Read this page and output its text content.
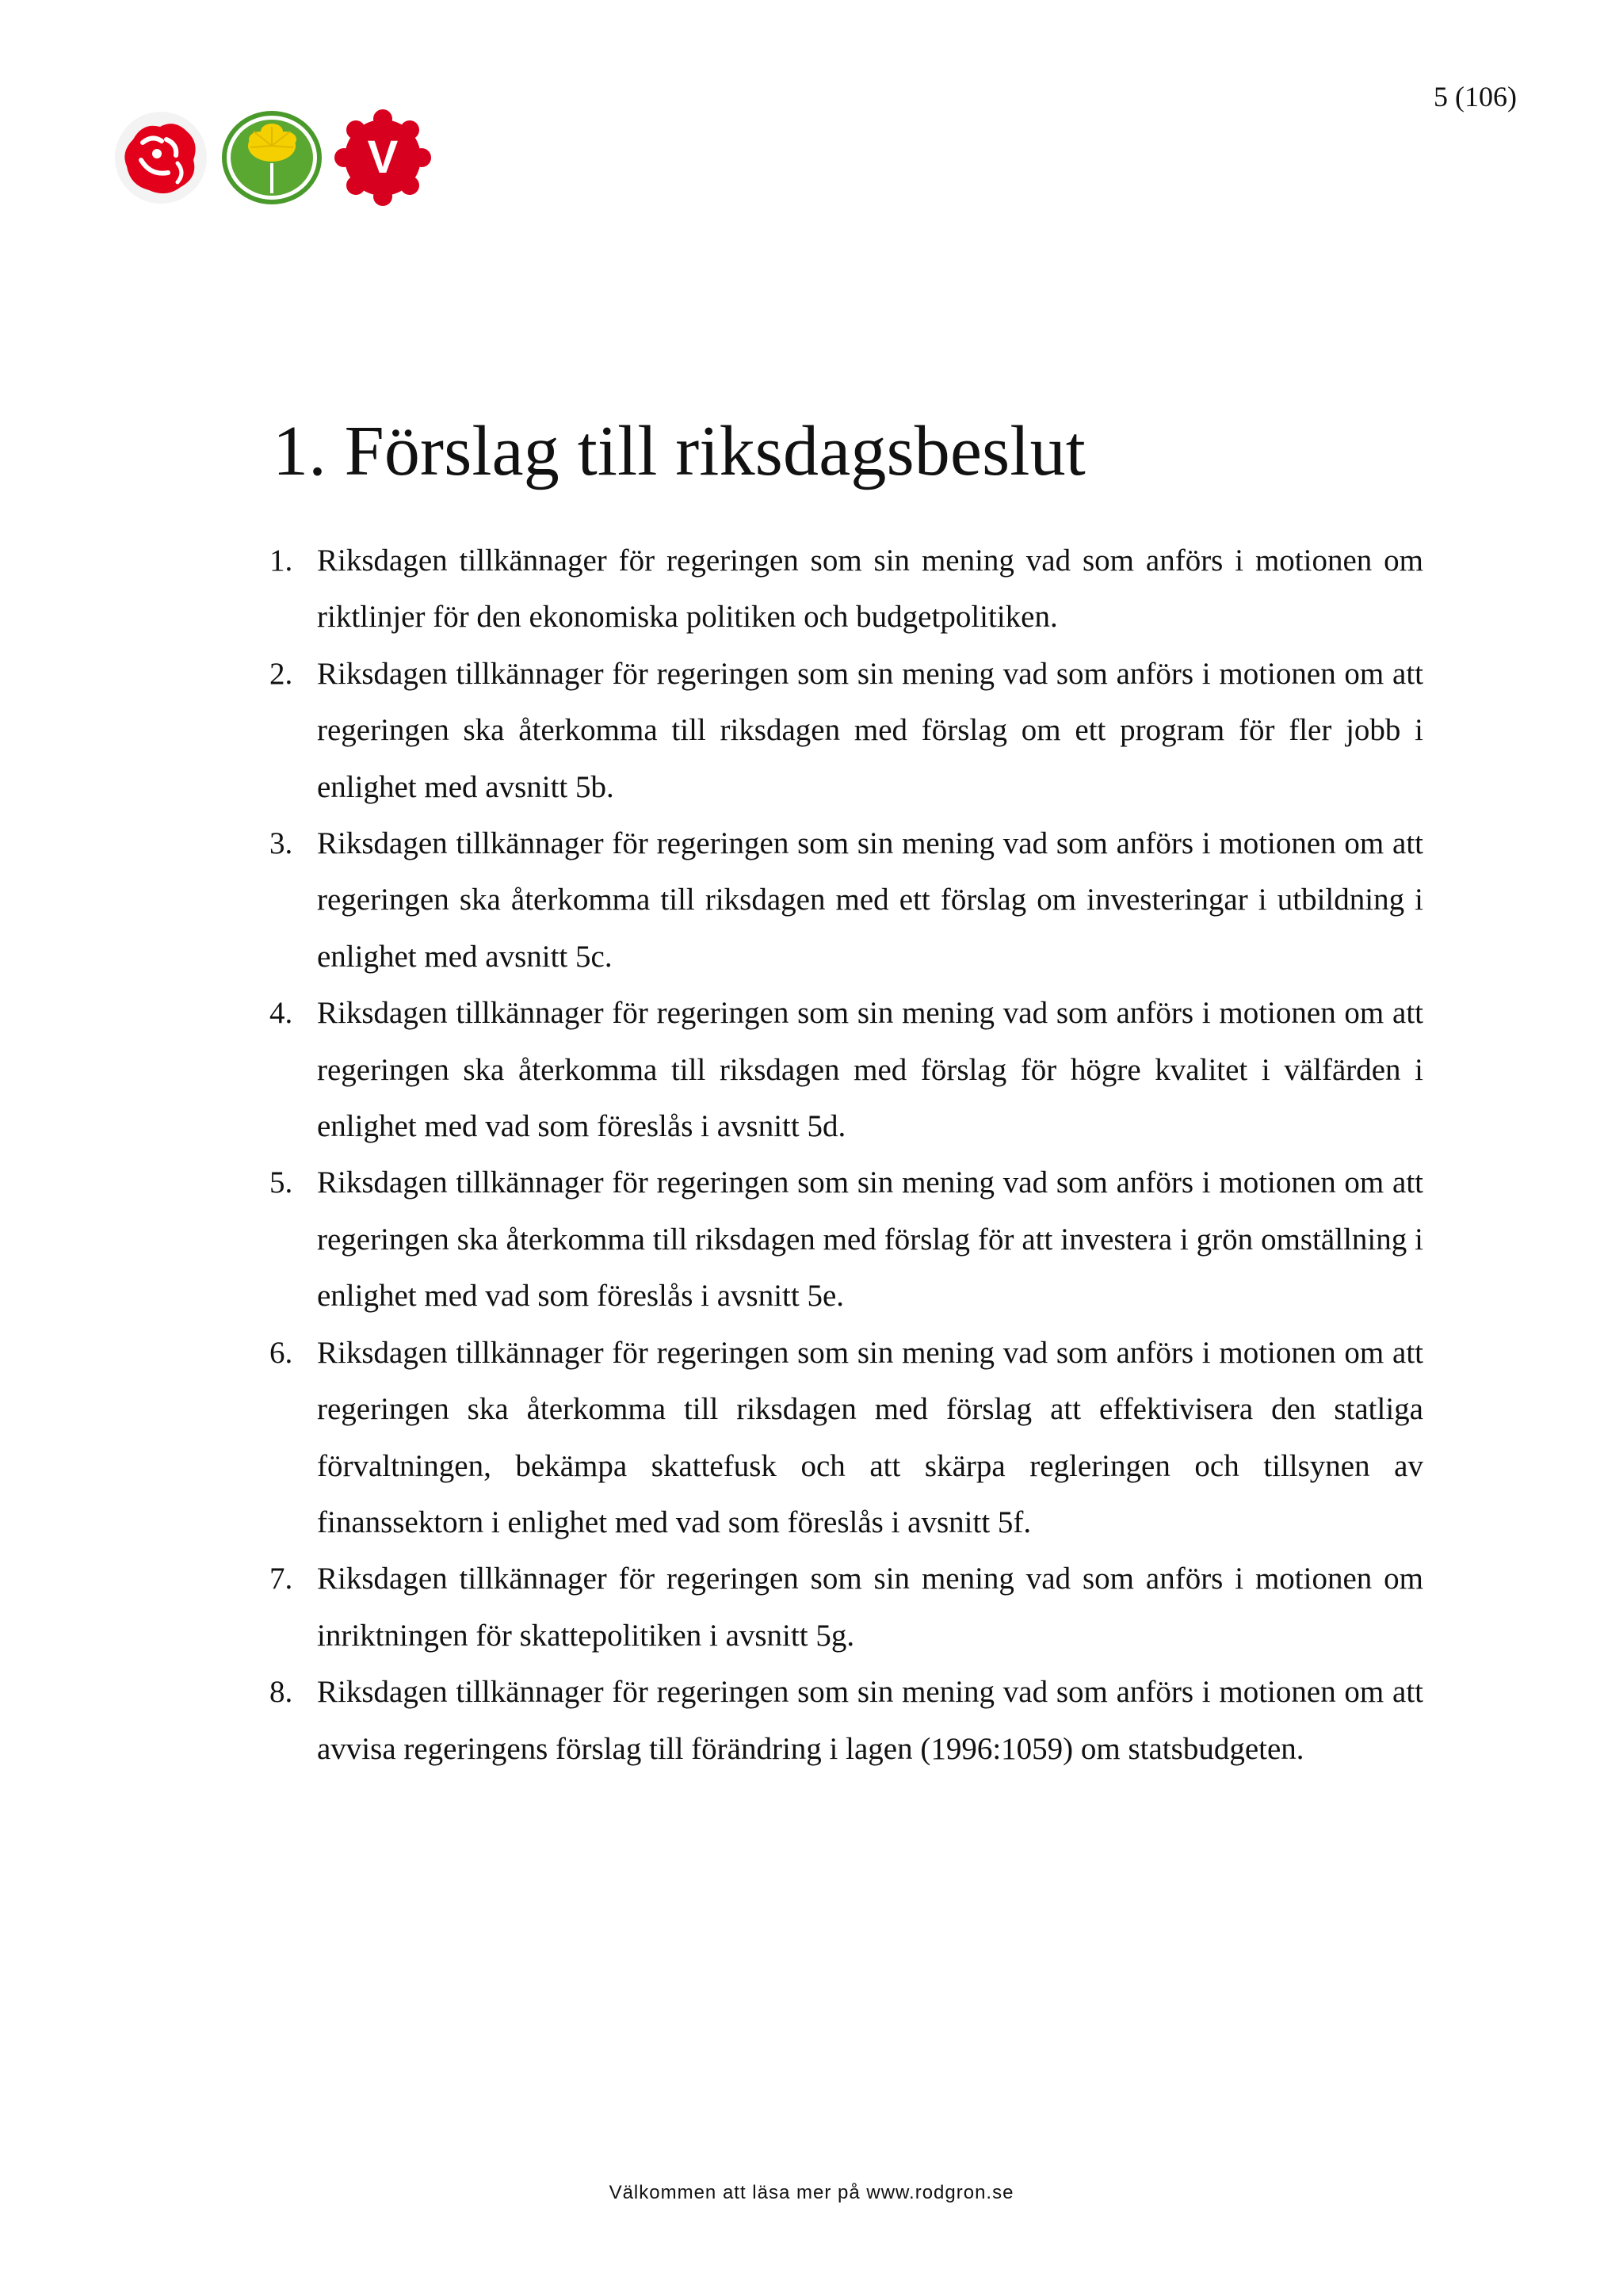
5 (106)
V
1. Förslag till riksdagsbeslut
1. Riksdagen tillkännager för regeringen som sin mening vad som anförs i motionen om riktlinjer för den ekonomiska politiken och budgetpolitiken.
2. Riksdagen tillkännager för regeringen som sin mening vad som anförs i motionen om att regeringen ska återkomma till riksdagen med förslag om ett program för fler jobb i enlighet med avsnitt 5b.
3. Riksdagen tillkännager för regeringen som sin mening vad som anförs i motionen om att regeringen ska återkomma till riksdagen med ett förslag om investeringar i utbildning i enlighet med avsnitt 5c.
4. Riksdagen tillkännager för regeringen som sin mening vad som anförs i motionen om att regeringen ska återkomma till riksdagen med förslag för högre kvalitet i välfärden i enlighet med vad som föreslås i avsnitt 5d.
5. Riksdagen tillkännager för regeringen som sin mening vad som anförs i motionen om att regeringen ska återkomma till riksdagen med förslag för att investera i grön omställning i enlighet med vad som föreslås i avsnitt 5e.
6. Riksdagen tillkännager för regeringen som sin mening vad som anförs i motionen om att regeringen ska återkomma till riksdagen med förslag att effektivisera den statliga förvaltningen, bekämpa skattefusk och att skärpa regleringen och tillsynen av finanssektorn i enlighet med vad som föreslås i avsnitt 5f.
7. Riksdagen tillkännager för regeringen som sin mening vad som anförs i motionen om inriktningen för skattepolitiken i avsnitt 5g.
8. Riksdagen tillkännager för regeringen som sin mening vad som anförs i motionen om att avvisa regeringens förslag till förändring i lagen (1996:1059) om statsbudgeten.
Välkommen att läsa mer på www.rodgron.se
